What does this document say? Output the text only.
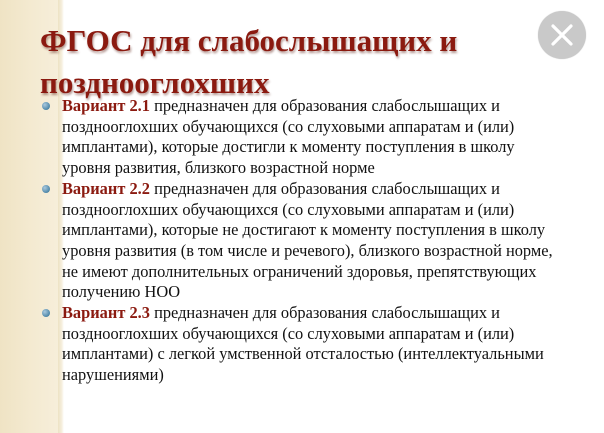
ФГОС для слабослышащих и позднооглохших
Вариант 2.1 предназначен для образования слабослышащих и позднооглохших обучающихся (со слуховыми аппаратам и (или) имплантами), которые достигли к моменту поступления в школу уровня развития, близкого возрастной норме
Вариант 2.2 предназначен для образования слабослышащих и позднооглохших обучающихся (со слуховыми аппаратам и (или) имплантами), которые не достигают к моменту поступления в школу уровня развития (в том числе и речевого), близкого возрастной норме, не имеют дополнительных ограничений здоровья, препятствующих получению НОО
Вариант 2.3 предназначен для образования слабослышащих и позднооглохших обучающихся (со слуховыми аппаратам и (или) имплантами) с легкой умственной отсталостью (интеллектуальными нарушениями)
